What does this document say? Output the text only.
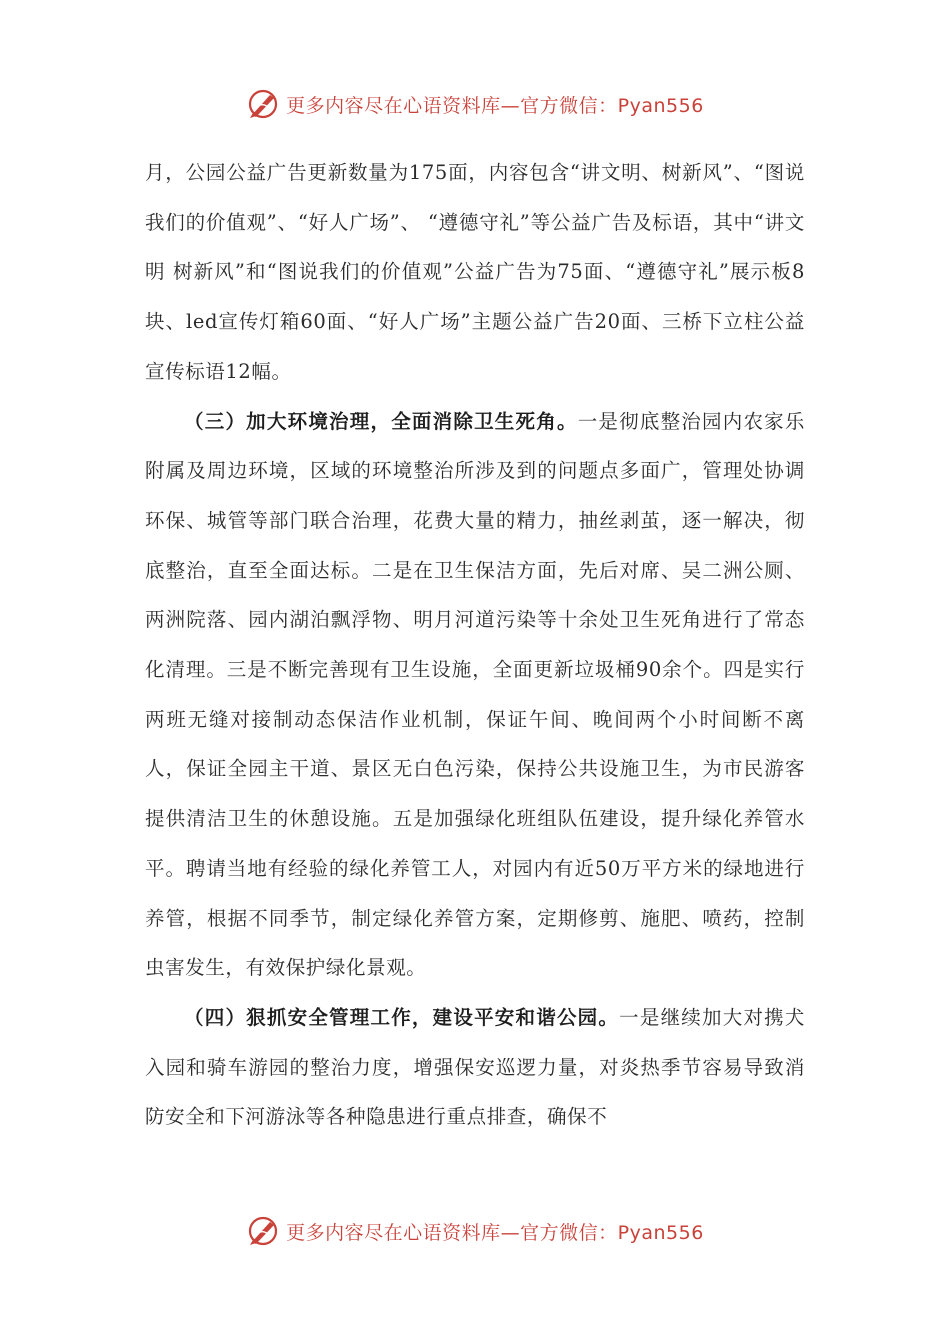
更多内容尽在心语资料库—官方微信：Pyan556

月，公园公益广告更新数量为175面，内容包含“讲文明、树新风”、“图说我们的价值观”、“好人广场”、 “遵德守礼”等公益广告及标语，其中“讲文明 树新风”和“图说我们的价值观”公益广告为75面、“遵德守礼”展示板8块、led宣传灯箱60面、“好人广场”主题公益广告20面、三桥下立柱公益宣传标语12幅。

（三）加大环境治理，全面消除卫生死角。一是彻底整治园内农家乐附属及周边环境，区域的环境整治所涉及到的问题点多面广，管理处协调环保、城管等部门联合治理，花费大量的精力，抽丝剥茧，逐一解决，彻底整治，直至全面达标。二是在卫生保洁方面，先后对席、吴二洲公厕、两洲院落、园内湖泊飘浮物、明月河道污染等十余处卫生死角进行了常态化清理。三是不断完善现有卫生设施，全面更新垃圾桶90余个。四是实行两班无缝对接制动态保洁作业机制，保证午间、晚间两个小时间断不离人，保证全园主干道、景区无白色污染，保持公共设施卫生，为市民游客提供清洁卫生的休憩设施。五是加强绿化班组队伍建设，提升绿化养管水平。聘请当地有经验的绿化养管工人，对园内有近50万平方米的绿地进行养管，根据不同季节，制定绿化养管方案，定期修剪、施肥、喷药，控制虫害发生，有效保护绿化景观。

（四）狠抓安全管理工作，建设平安和谐公园。一是继续加大对携犬入园和骑车游园的整治力度，增强保安巡逻力量，对炎热季节容易导致消防安全和下河游泳等各种隐患进行重点排查，确保不

更多内容尽在心语资料库—官方微信：Pyan556
